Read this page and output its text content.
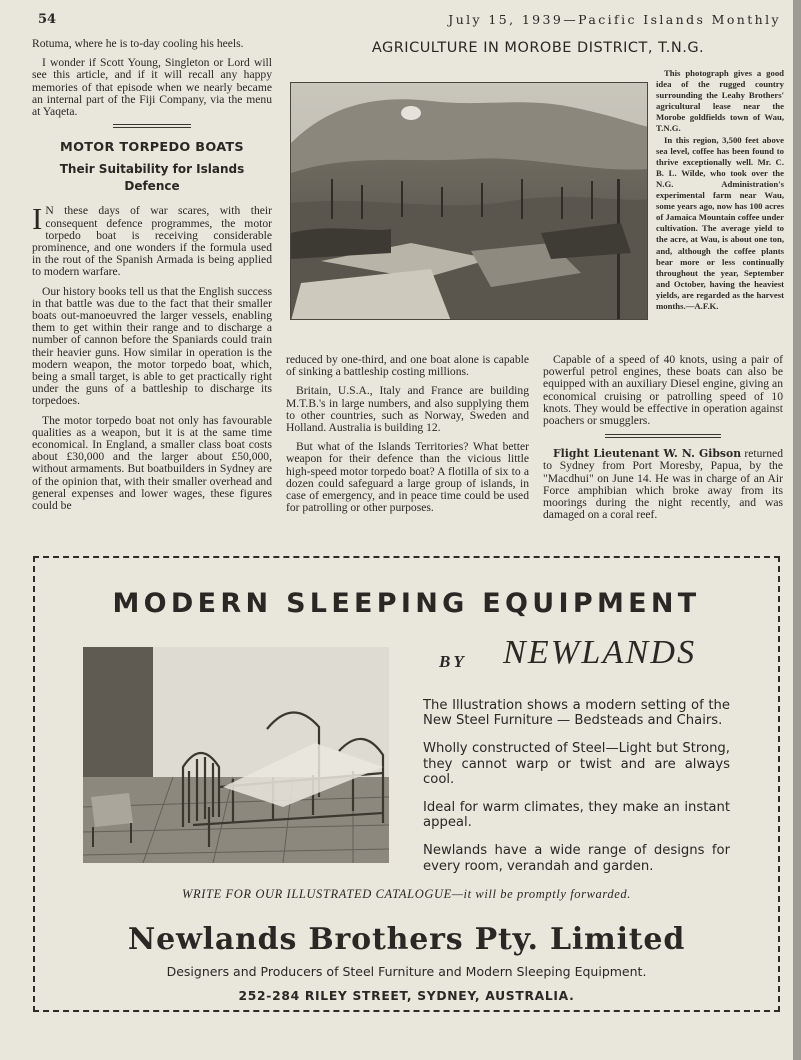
54	July 15, 1939—Pacific Islands Monthly

Rotuma, where he is to-day cooling his heels.

I wonder if Scott Young, Singleton or Lord will see this article, and if it will recall any happy memories of that episode when we nearly became an internal part of the Fiji Company, via the menu at Yaqeta.

MOTOR TORPEDO BOATS
Their Suitability for Islands Defence

I N these days of war scares, with their consequent defence programmes, the motor torpedo boat is receiving considerable prominence, and one wonders if the formula used in the rout of the Spanish Armada is being applied to modern warfare.

Our history books tell us that the English success in that battle was due to the fact that their smaller boats out-manoeuvred the larger vessels, enabling them to get within their range and to discharge a number of cannon before the Spaniards could train their heavier guns. How similar in operation is the modern weapon, the motor torpedo boat, which, being a small target, is able to get practically right under the guns of a battleship to discharge its torpedoes.

The motor torpedo boat not only has favourable qualities as a weapon, but it is at the same time economical. In England, a smaller class boat costs about £30,000 and the larger about £50,000, without armaments. But boatbuilders in Sydney are of the opinion that, with their smaller overhead and general expenses and lower wages, these figures could be

AGRICULTURE IN MOROBE DISTRICT, T.N.G.

This photograph gives a good idea of the rugged country surrounding the Leahy Brothers' agricultural lease near the Morobe goldfields town of Wau, T.N.G.

In this region, 3,500 feet above sea level, coffee has been found to thrive exceptionally well. Mr. C. B. L. Wilde, who took over the N.G. Administration's experimental farm near Wau, some years ago, now has 100 acres of Jamaica Mountain coffee under cultivation. The average yield to the acre, at Wau, is about one ton, and, although the coffee plants bear more or less continually throughout the year, September and October, having the heaviest yields, are regarded as the harvest months.—A.F.K.

reduced by one-third, and one boat alone is capable of sinking a battleship costing millions.

Britain, U.S.A., Italy and France are building M.T.B.'s in large numbers, and also supplying them to other countries, such as Norway, Sweden and Holland. Australia is building 12.

But what of the Islands Territories? What better weapon for their defence than the vicious little high-speed motor torpedo boat? A flotilla of six to a dozen could safeguard a large group of islands, in case of emergency, and in peace time could be used for patrolling or other purposes.

Capable of a speed of 40 knots, using a pair of powerful petrol engines, these boats can also be equipped with an auxiliary Diesel engine, giving an economical cruising or patrolling speed of 10 knots. They would be effective in operation against poachers or smugglers.

Flight Lieutenant W. N. Gibson returned to Sydney from Port Moresby, Papua, by the "Macdhui" on June 14. He was in charge of an Air Force amphibian which broke away from its moorings during the night recently, and was damaged on a coral reef.

MODERN SLEEPING EQUIPMENT
BY NEWLANDS

The Illustration shows a modern setting of the New Steel Furniture — Bedsteads and Chairs.

Wholly constructed of Steel—Light but Strong, they cannot warp or twist and are always cool.

Ideal for warm climates, they make an instant appeal.

Newlands have a wide range of designs for every room, verandah and garden.

WRITE FOR OUR ILLUSTRATED CATALOGUE—it will be promptly forwarded.
Newlands Brothers Pty. Limited
Designers and Producers of Steel Furniture and Modern Sleeping Equipment.
252-284 RILEY STREET, SYDNEY, AUSTRALIA.
